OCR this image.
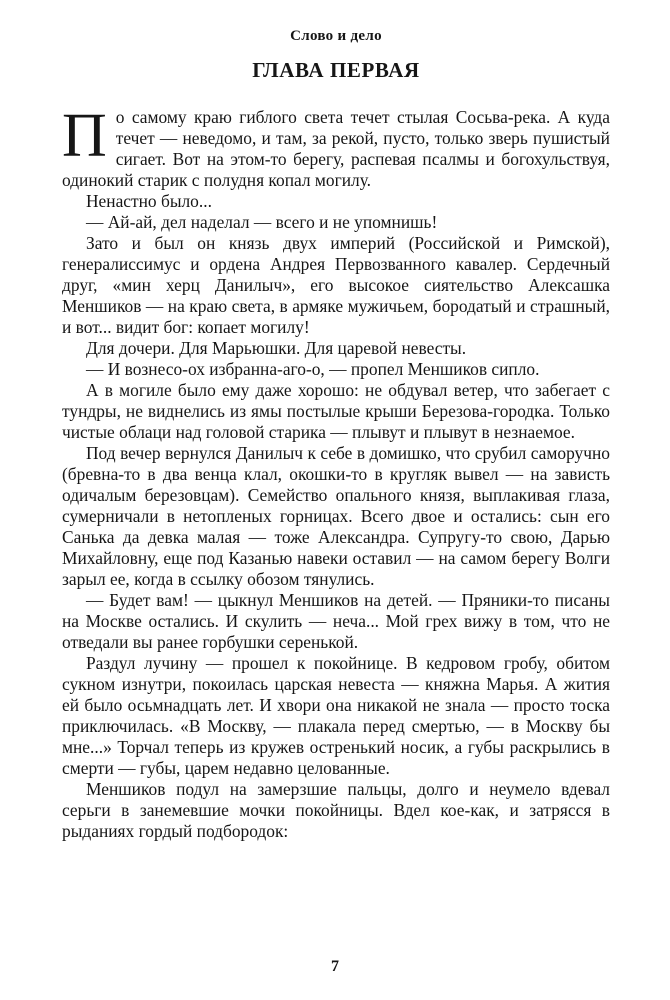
Слово и дело
ГЛАВА ПЕРВАЯ

По самому краю гиблого света течет стылая Сосьва-река. А куда течет — неведомо, и там, за рекой, пусто, только зверь пушистый сигает. Вот на этом-то берегу, распевая псалмы и богохульствуя, одинокий старик с полудня копал могилу.

Ненастно было...

— Ай-ай, дел наделал — всего и не упомнишь!

Зато и был он князь двух империй (Российской и Римской), генералиссимус и ордена Андрея Первозванного кавалер. Сердечный друг, «мин херц Данилыч», его высокое сиятельство Алексашка Меншиков — на краю света, в армяке мужичьем, бородатый и страшный, и вот... видит бог: копает могилу!

Для дочери. Для Марьюшки. Для царевой невесты.

— И вознесо-ох избранна-аго-о, — пропел Меншиков сипло.

А в могиле было ему даже хорошо: не обдувал ветер, что забегает с тундры, не виднелись из ямы постылые крыши Березова-городка. Только чистые облаци над головой старика — плывут и плывут в незнаемое.

Под вечер вернулся Данилыч к себе в домишко, что срубил саморучно (бревна-то в два венца клал, окошки-то в кругляк вывел — на зависть одичалым березовцам). Семейство опального князя, выплакивая глаза, сумерничали в нетопленых горницах. Всего двое и остались: сын его Санька да девка малая — тоже Александра. Супругу-то свою, Дарью Михайловну, еще под Казанью навеки оставил — на самом берегу Волги зарыл ее, когда в ссылку обозом тянулись.

— Будет вам! — цыкнул Меншиков на детей. — Пряники-то писаны на Москве остались. И скулить — неча... Мой грех вижу в том, что не отведали вы ранее горбушки серенькой.

Раздул лучину — прошел к покойнице. В кедровом гробу, обитом сукном изнутри, покоилась царская невеста — княжна Марья. А жития ей было осьмнадцать лет. И хвори она никакой не знала — просто тоска приключилась. «В Москву, — плакала перед смертью, — в Москву бы мне...» Торчал теперь из кружев остренький носик, а губы раскрылись в смерти — губы, царем недавно целованные.

Меншиков подул на замерзшие пальцы, долго и неумело вдевал серьги в занемевшие мочки покойницы. Вдел кое-как, и затрясся в рыданиях гордый подбородок:

7
